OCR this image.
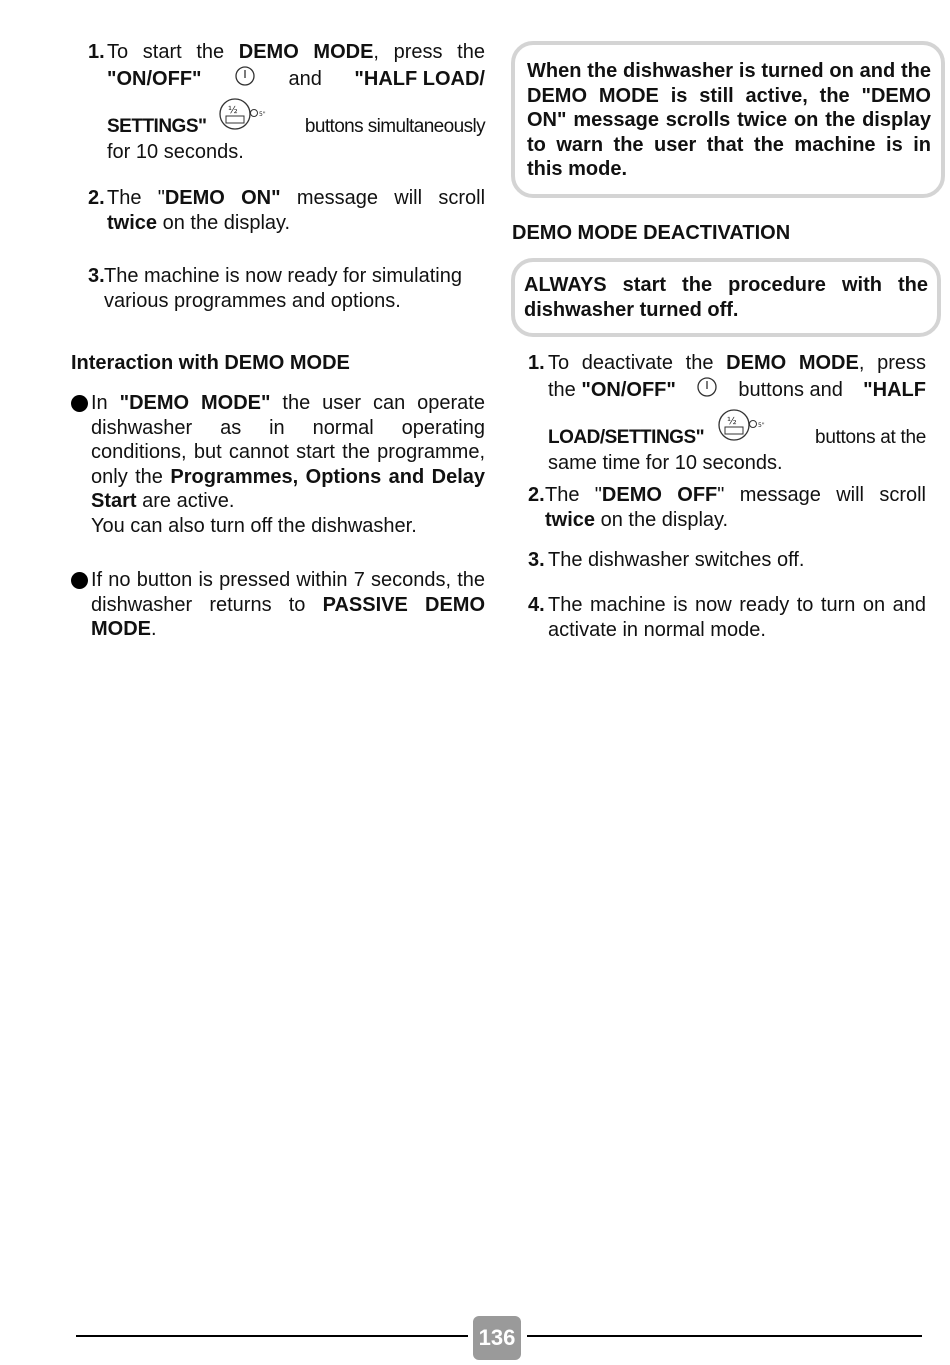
1. To start the DEMO MODE, press the
"ON/OFF"	and "HALF LOAD/
SETTINGS"
½	5"
buttons simultaneously
for 10 seconds.
2. The "DEMO ON" message will scroll
twice on the display.
3. The machine is now ready for simulating
various programmes and options.
Interaction with DEMO MODE
In "DEMO MODE" the user can operate dishwasher as in normal operating conditions, but cannot start the programme, only the Programmes, Options and Delay Start are active.
You can also turn off the dishwasher.
If no button is pressed within 7 seconds, the dishwasher returns to PASSIVE DEMO MODE.
When the dishwasher is turned on and the DEMO MODE is still active, the "DEMO ON" message scrolls twice on the display to warn the user that the machine is in this mode.
DEMO MODE DEACTIVATION
ALWAYS start the procedure with the dishwasher turned off.
1. To deactivate the DEMO MODE, press
the "ON/OFF"	buttons and "HALF
LOAD/SETTINGS"
½	5"
buttons at the
same time for 10 seconds.
2. The "DEMO OFF" message will scroll
twice on the display.
3. The dishwasher switches off.
4. The machine is now ready to turn on and activate in normal mode.
136
